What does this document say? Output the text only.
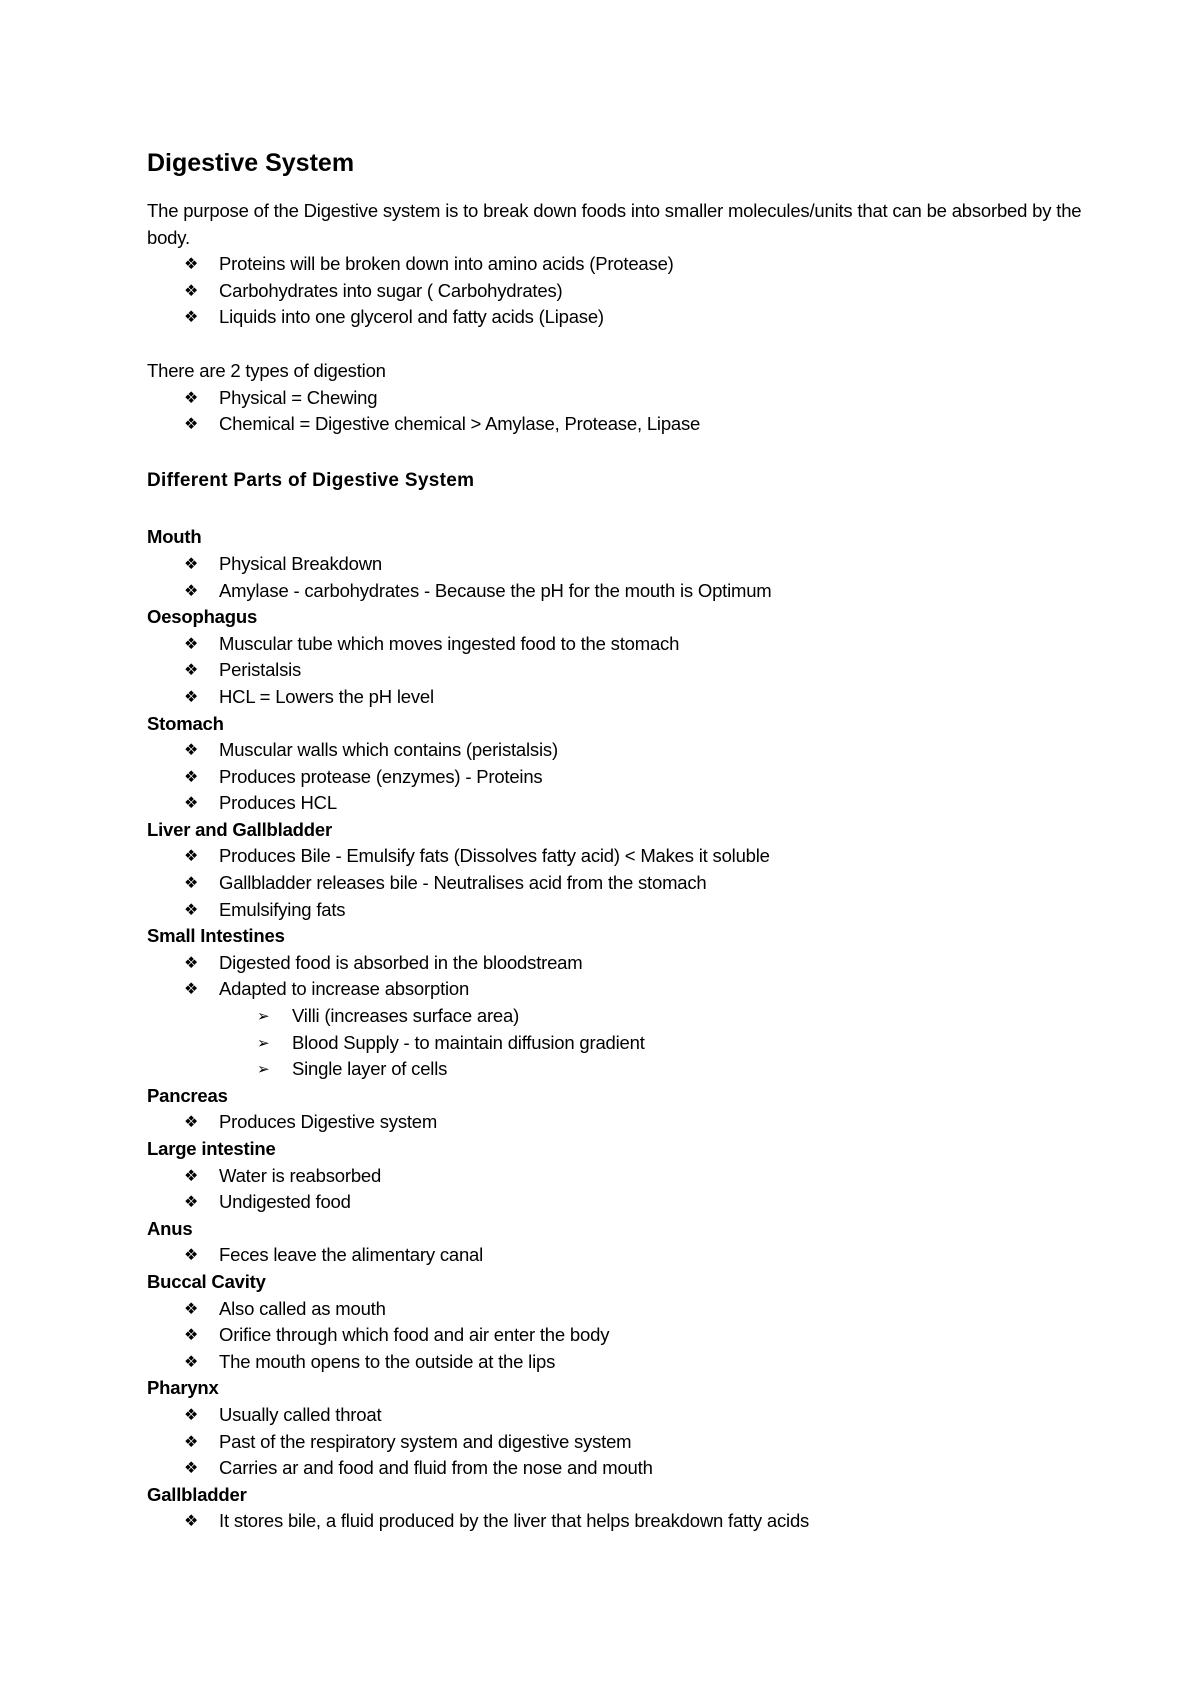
Digestive System

The purpose of the Digestive system is to break down foods into smaller molecules/units that can be absorbed by the body.

❖ Proteins will be broken down into amino acids (Protease)
❖ Carbohydrates into sugar ( Carbohydrates)
❖ Liquids into one glycerol and fatty acids (Lipase)

There are 2 types of digestion

❖ Physical = Chewing
❖ Chemical = Digestive chemical > Amylase, Protease, Lipase
Different Parts of Digestive System
Mouth
❖ Physical Breakdown
❖ Amylase - carbohydrates - Because the pH for the mouth is Optimum
Oesophagus
❖ Muscular tube which moves ingested food to the stomach
❖ Peristalsis
❖ HCL = Lowers the pH level
Stomach
❖ Muscular walls which contains (peristalsis)
❖ Produces protease (enzymes) - Proteins
❖ Produces HCL
Liver and Gallbladder
❖ Produces Bile - Emulsify fats (Dissolves fatty acid) < Makes it soluble
❖ Gallbladder releases bile - Neutralises acid from the stomach
❖ Emulsifying fats
Small Intestines
❖ Digested food is absorbed in the bloodstream
❖ Adapted to increase absorption
➢ Villi (increases surface area)
➢ Blood Supply - to maintain diffusion gradient
➢ Single layer of cells
Pancreas
❖ Produces Digestive system
Large intestine
❖ Water is reabsorbed
❖ Undigested food
Anus
❖ Feces leave the alimentary canal
Buccal Cavity
❖ Also called as mouth
❖ Orifice through which food and air enter the body
❖ The mouth opens to the outside at the lips
Pharynx
❖ Usually called throat
❖ Past of the respiratory system and digestive system
❖ Carries ar and food and fluid from the nose and mouth
Gallbladder
❖ It stores bile, a fluid produced by the liver that helps breakdown fatty acids
